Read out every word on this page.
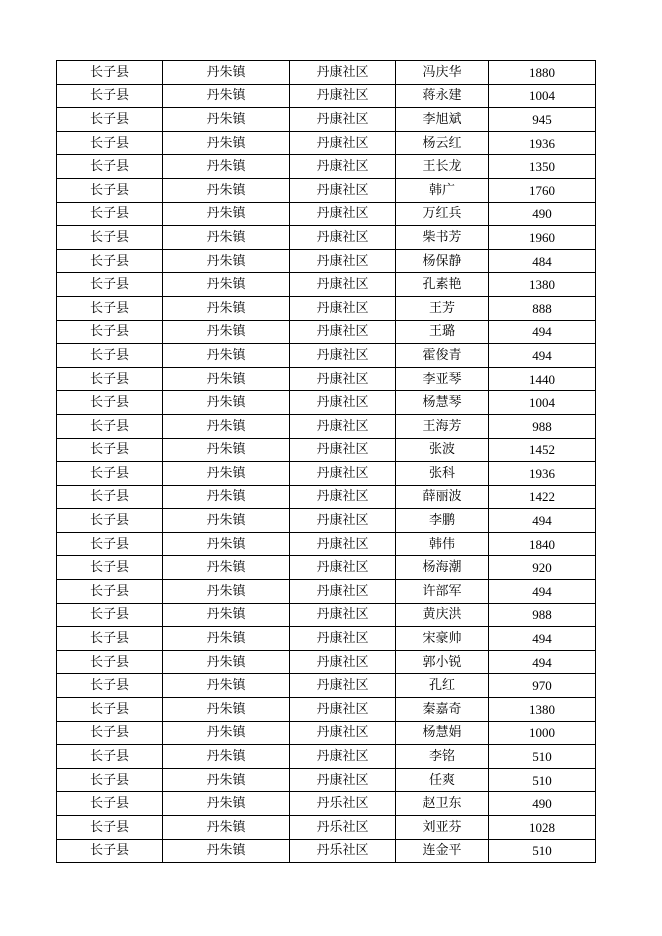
长子县	丹朱镇	丹康社区	冯庆华	1880
长子县	丹朱镇	丹康社区	蒋永建	1004
长子县	丹朱镇	丹康社区	李旭斌	945
长子县	丹朱镇	丹康社区	杨云红	1936
长子县	丹朱镇	丹康社区	王长龙	1350
长子县	丹朱镇	丹康社区	韩广	1760
长子县	丹朱镇	丹康社区	万红兵	490
长子县	丹朱镇	丹康社区	柴书芳	1960
长子县	丹朱镇	丹康社区	杨保静	484
长子县	丹朱镇	丹康社区	孔素艳	1380
长子县	丹朱镇	丹康社区	王芳	888
长子县	丹朱镇	丹康社区	王璐	494
长子县	丹朱镇	丹康社区	霍俊青	494
长子县	丹朱镇	丹康社区	李亚琴	1440
长子县	丹朱镇	丹康社区	杨慧琴	1004
长子县	丹朱镇	丹康社区	王海芳	988
长子县	丹朱镇	丹康社区	张波	1452
长子县	丹朱镇	丹康社区	张科	1936
长子县	丹朱镇	丹康社区	薛丽波	1422
长子县	丹朱镇	丹康社区	李鹏	494
长子县	丹朱镇	丹康社区	韩伟	1840
长子县	丹朱镇	丹康社区	杨海潮	920
长子县	丹朱镇	丹康社区	许部军	494
长子县	丹朱镇	丹康社区	黄庆洪	988
长子县	丹朱镇	丹康社区	宋豪帅	494
长子县	丹朱镇	丹康社区	郭小锐	494
长子县	丹朱镇	丹康社区	孔红	970
长子县	丹朱镇	丹康社区	秦嘉奇	1380
长子县	丹朱镇	丹康社区	杨慧娟	1000
长子县	丹朱镇	丹康社区	李铭	510
长子县	丹朱镇	丹康社区	任爽	510
长子县	丹朱镇	丹乐社区	赵卫东	490
长子县	丹朱镇	丹乐社区	刘亚芬	1028
长子县	丹朱镇	丹乐社区	连金平	510
